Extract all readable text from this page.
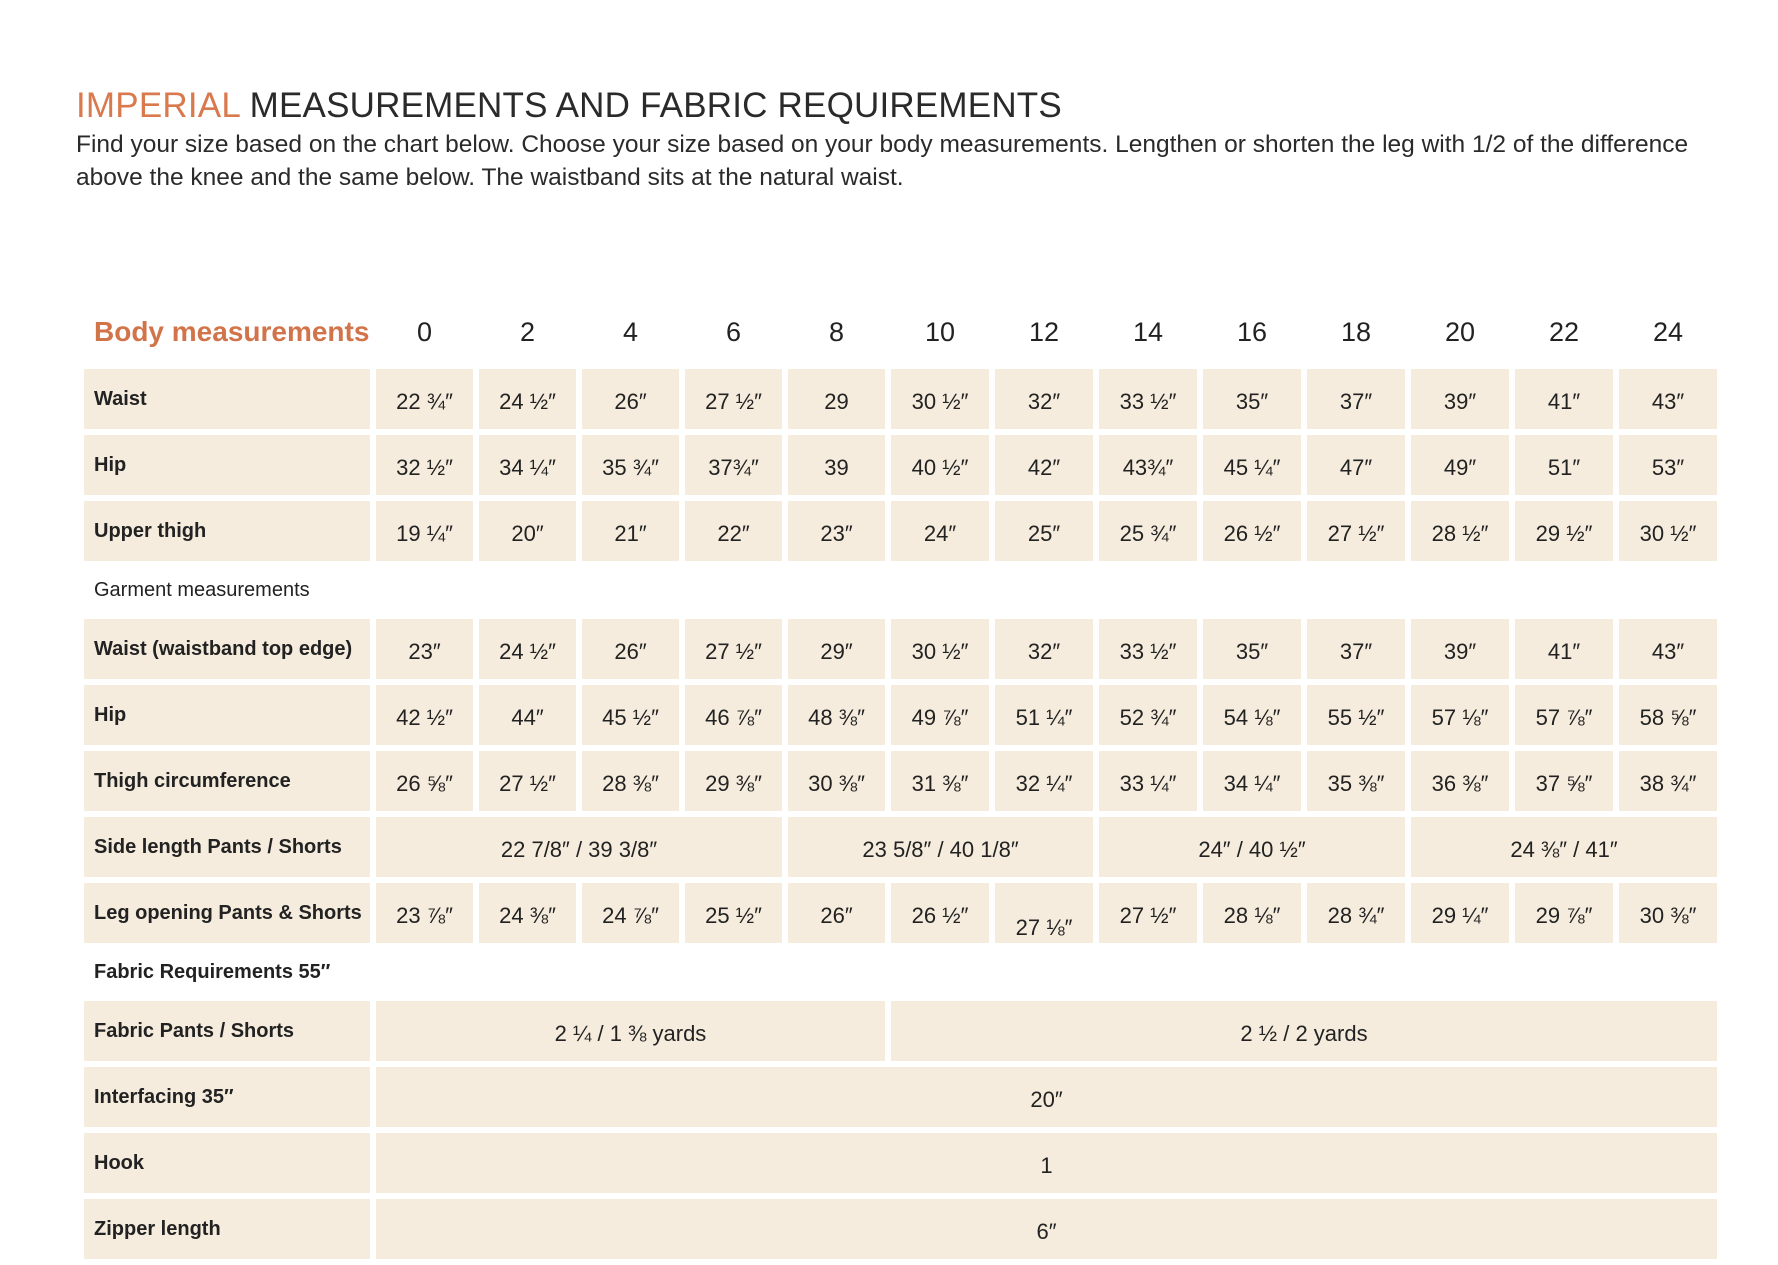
IMPERIAL MEASUREMENTS AND FABRIC REQUIREMENTS

Find your size based on the chart below. Choose your size based on your body measurements. Lengthen or shorten the leg with 1/2 of the difference above the knee and the same below. The waistband sits at the natural waist.

Body measurements	0	2	4	6	8	10	12	14	16	18	20	22	24
Waist	22 ¾″	24 ½″	26″	27 ½″	29	30 ½″	32″	33 ½″	35″	37″	39″	41″	43″
Hip	32 ½″	34 ¼″	35 ¾″	37¾″	39	40 ½″	42″	43¾″	45 ¼″	47″	49″	51″	53″
Upper thigh	19 ¼″	20″	21″	22″	23″	24″	25″	25 ¾″	26 ½″	27 ½″	28 ½″	29 ½″	30 ½″
Garment measurements													
Waist (waistband top edge)	23″	24 ½″	26″	27 ½″	29″	30 ½″	32″	33 ½″	35″	37″	39″	41″	43″
Hip	42 ½″	44″	45 ½″	46 ⅞″	48 ⅜″	49 ⅞″	51 ¼″	52 ¾″	54 ⅛″	55 ½″	57 ⅛″	57 ⅞″	58 ⅝″
Thigh circumference	26 ⅝″	27 ½″	28 ⅜″	29 ⅜″	30 ⅜″	31 ⅜″	32 ¼″	33 ¼″	34 ¼″	35 ⅜″	36 ⅜″	37 ⅝″	38 ¾″
Side length Pants / Shorts	22 7/8″ / 39 3/8″				23 5/8″ / 40 1/8″			24″ / 40 ½″			24 ⅜″ / 41″		
Leg opening Pants & Shorts	23 ⅞″	24 ⅜″	24 ⅞″	25 ½″	26″	26 ½″	27 ⅛″	27 ½″	28 ⅛″	28 ¾″	29 ¼″	29 ⅞″	30 ⅜″
Fabric Requirements 55″													
Fabric Pants / Shorts	2 ¼ / 1 ⅜ yards					2 ½ / 2 yards							
Interfacing 35″	20″												
Hook	1												
Zipper length	6″												
